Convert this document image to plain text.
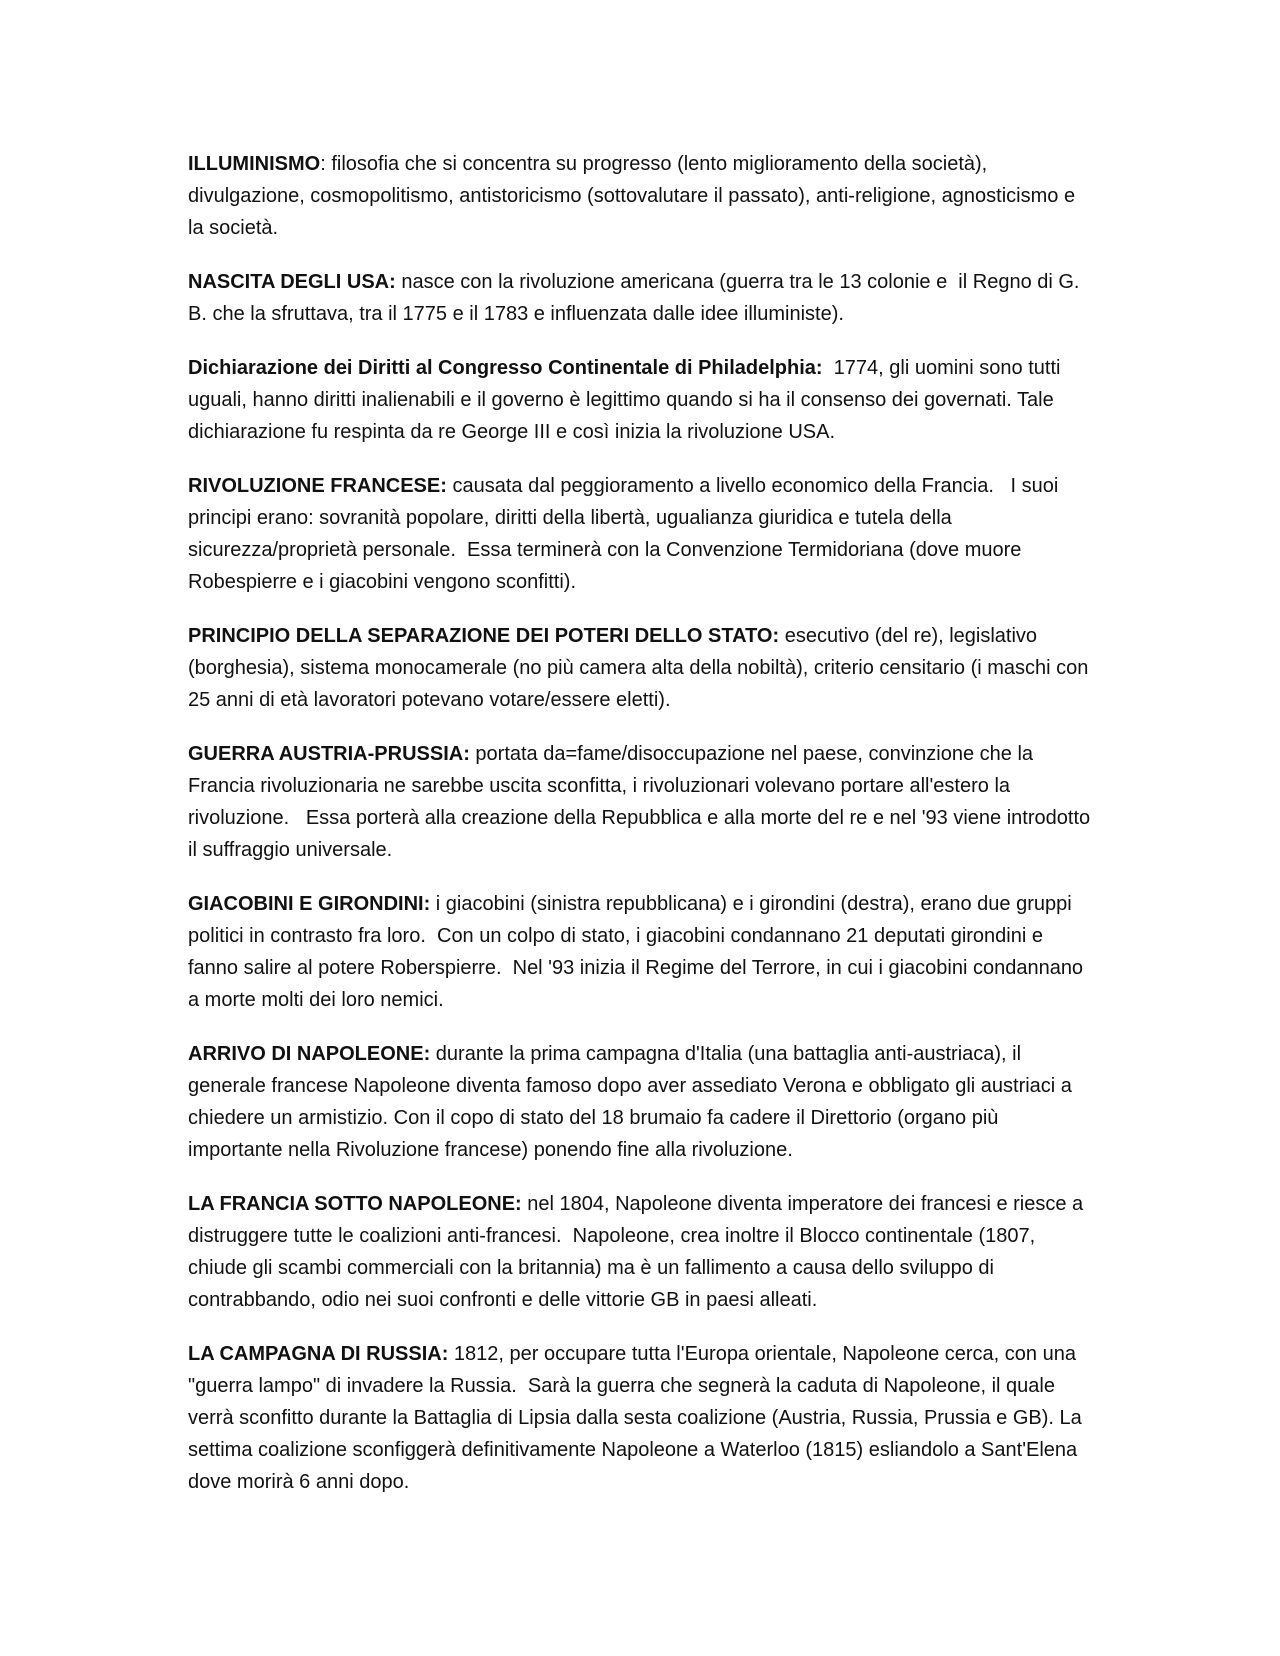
ILLUMINISMO: filosofia che si concentra su progresso (lento miglioramento della società), divulgazione, cosmopolitismo, antistoricismo (sottovalutare il passato), anti-religione, agnosticismo e la società.

NASCITA DEGLI USA: nasce con la rivoluzione americana (guerra tra le 13 colonie e  il Regno di G. B. che la sfruttava, tra il 1775 e il 1783 e influenzata dalle idee illuministe).

Dichiarazione dei Diritti al Congresso Continentale di Philadelphia:  1774, gli uomini sono tutti uguali, hanno diritti inalienabili e il governo è legittimo quando si ha il consenso dei governati. Tale dichiarazione fu respinta da re George III e così inizia la rivoluzione USA.

RIVOLUZIONE FRANCESE: causata dal peggioramento a livello economico della Francia.   I suoi principi erano: sovranità popolare, diritti della libertà, ugualianza giuridica e tutela della sicurezza/proprietà personale.  Essa terminerà con la Convenzione Termidoriana (dove muore Robespierre e i giacobini vengono sconfitti).

PRINCIPIO DELLA SEPARAZIONE DEI POTERI DELLO STATO: esecutivo (del re), legislativo (borghesia), sistema monocamerale (no più camera alta della nobiltà), criterio censitario (i maschi con 25 anni di età lavoratori potevano votare/essere eletti).

GUERRA AUSTRIA-PRUSSIA: portata da=fame/disoccupazione nel paese, convinzione che la Francia rivoluzionaria ne sarebbe uscita sconfitta, i rivoluzionari volevano portare all'estero la rivoluzione.   Essa porterà alla creazione della Repubblica e alla morte del re e nel '93 viene introdotto il suffraggio universale.

GIACOBINI E GIRONDINI: i giacobini (sinistra repubblicana) e i girondini (destra), erano due gruppi politici in contrasto fra loro.  Con un colpo di stato, i giacobini condannano 21 deputati girondini e fanno salire al potere Roberspierre.  Nel '93 inizia il Regime del Terrore, in cui i giacobini condannano a morte molti dei loro nemici.

ARRIVO DI NAPOLEONE: durante la prima campagna d'Italia (una battaglia anti-austriaca), il generale francese Napoleone diventa famoso dopo aver assediato Verona e obbligato gli austriaci a chiedere un armistizio. Con il copo di stato del 18 brumaio fa cadere il Direttorio (organo più importante nella Rivoluzione francese) ponendo fine alla rivoluzione.

LA FRANCIA SOTTO NAPOLEONE: nel 1804, Napoleone diventa imperatore dei francesi e riesce a distruggere tutte le coalizioni anti-francesi.  Napoleone, crea inoltre il Blocco continentale (1807, chiude gli scambi commerciali con la britannia) ma è un fallimento a causa dello sviluppo di contrabbando, odio nei suoi confronti e delle vittorie GB in paesi alleati.

LA CAMPAGNA DI RUSSIA: 1812, per occupare tutta l'Europa orientale, Napoleone cerca, con una "guerra lampo" di invadere la Russia.  Sarà la guerra che segnerà la caduta di Napoleone, il quale verrà sconfitto durante la Battaglia di Lipsia dalla sesta coalizione (Austria, Russia, Prussia e GB). La settima coalizione sconfiggerà definitivamente Napoleone a Waterloo (1815) esliandolo a Sant'Elena dove morirà 6 anni dopo.
